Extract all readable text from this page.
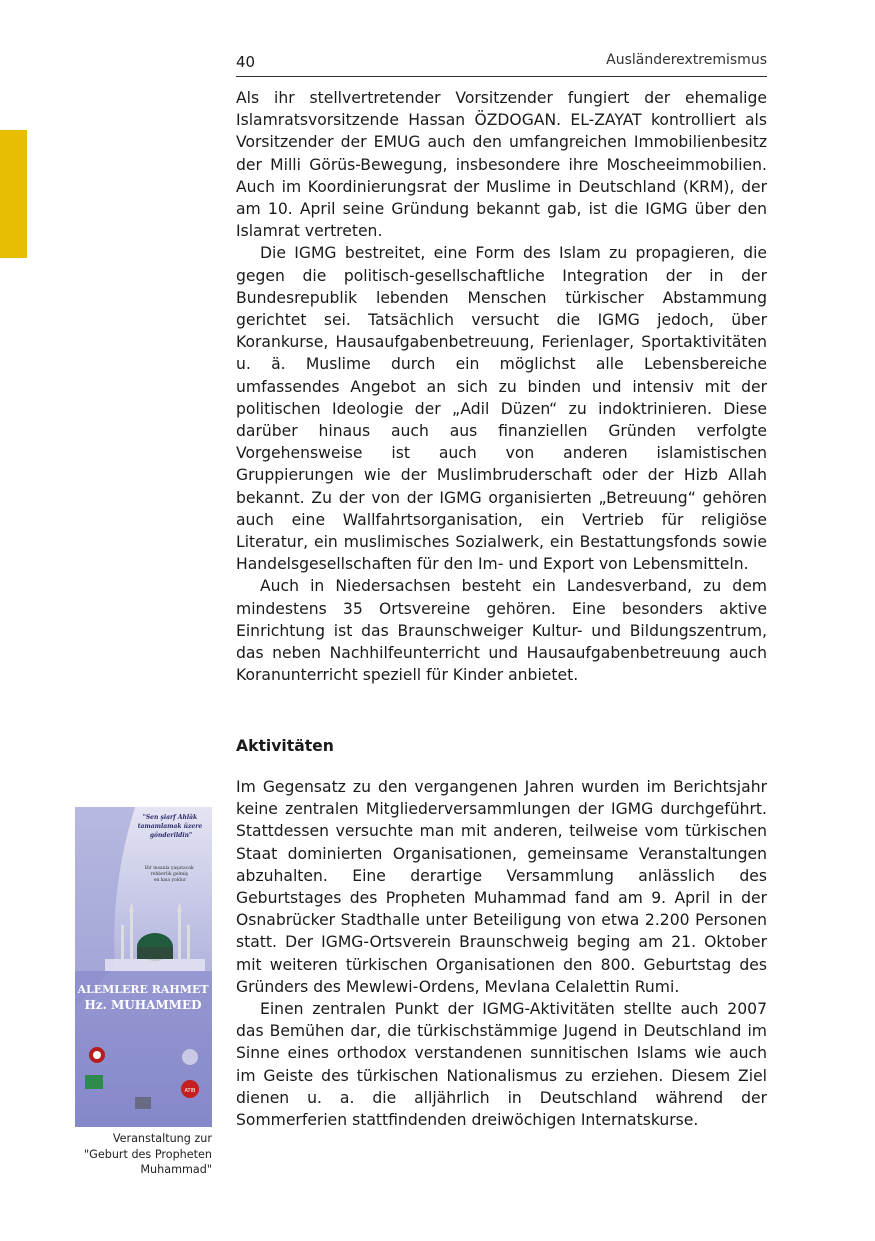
40	Ausländerextremismus

Als ihr stellvertretender Vorsitzender fungiert der ehemalige Islamratsvorsitzende Hassan ÖZDOGAN. EL-ZAYAT kontrolliert als Vorsitzender der EMUG auch den umfangreichen Immobilienbesitz der Milli Görüs-Bewegung, insbesondere ihre Moscheeimmobilien. Auch im Koordinierungsrat der Muslime in Deutschland (KRM), der am 10. April seine Gründung bekannt gab, ist die IGMG über den Islamrat vertreten.

Die IGMG bestreitet, eine Form des Islam zu propagieren, die gegen die politisch-gesellschaftliche Integration der in der Bundesrepublik lebenden Menschen türkischer Abstammung gerichtet sei. Tatsächlich versucht die IGMG jedoch, über Korankurse, Hausaufgabenbetreuung, Ferienlager, Sportaktivitäten u. ä. Muslime durch ein möglichst alle Lebensbereiche umfassendes Angebot an sich zu binden und intensiv mit der politischen Ideologie der „Adil Düzen“ zu indoktrinieren. Diese darüber hinaus auch aus finanziellen Gründen verfolgte Vorgehensweise ist auch von anderen islamistischen Gruppierungen wie der Muslimbruderschaft oder der Hizb Allah bekannt. Zu der von der IGMG organisierten „Betreuung“ gehören auch eine Wallfahrtsorganisation, ein Vertrieb für religiöse Literatur, ein muslimisches Sozialwerk, ein Bestattungsfonds sowie Handelsgesellschaften für den Im- und Export von Lebensmitteln.

Auch in Niedersachsen besteht ein Landesverband, zu dem mindestens 35 Ortsvereine gehören. Eine besonders aktive Einrichtung ist das Braunschweiger Kultur- und Bildungszentrum, das neben Nachhilfeunterricht und Hausaufgabenbetreuung auch Koranunterricht speziell für Kinder anbietet.

Aktivitäten

Im Gegensatz zu den vergangenen Jahren wurden im Berichtsjahr keine zentralen Mitgliederversammlungen der IGMG durchgeführt. Stattdessen versuchte man mit anderen, teilweise vom türkischen Staat dominierten Organisationen, gemeinsame Veranstaltungen abzuhalten. Eine derartige Versammlung anlässlich des Geburtstages des Propheten Muhammad fand am 9. April in der Osnabrücker Stadthalle unter Beteiligung von etwa 2.200 Personen statt. Der IGMG-Ortsverein Braunschweig beging am 21. Oktober mit weiteren türkischen Organisationen den 800. Geburtstag des Gründers des Mewlewi-Ordens, Mevlana Celalettin Rumi.

Einen zentralen Punkt der IGMG-Aktivitäten stellte auch 2007 das Bemühen dar, die türkischstämmige Jugend in Deutschland im Sinne eines orthodox verstandenen sunnitischen Islams wie auch im Geiste des türkischen Nationalismus zu erziehen. Diesem Ziel dienen u. a. die alljährlich in Deutschland während der Sommerferien stattfindenden dreiwöchigen Internatskurse.

"Sen şiarf Ahlâk tamamlamak üzere gönderildin"
Bir insanla yaşatacak rehberlik gelmiş en kısa yoldur
ALEMLERE RAHMET
Hz. MUHAMMED
ATIB
Veranstaltung zur
"Geburt des Propheten
Muhammad"
